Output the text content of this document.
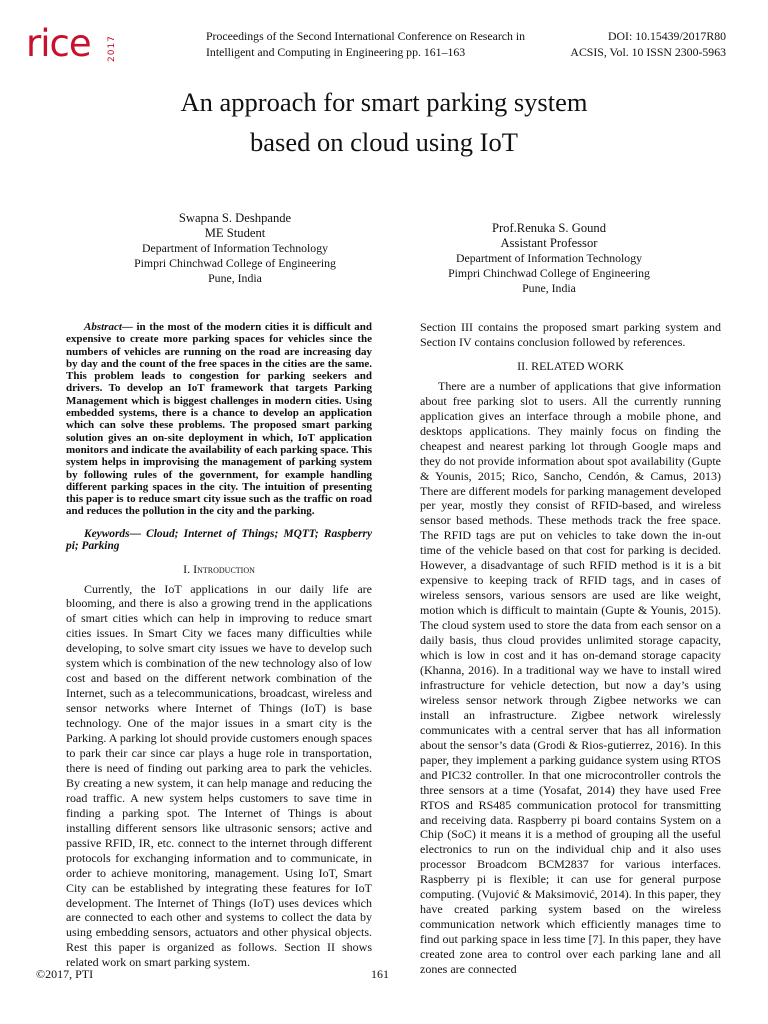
rice 2017	Proceedings of the Second International Conference on Research in	DOI: 10.15439/2017R80
Intelligent and Computing in Engineering pp. 161–163	ACSIS, Vol. 10 ISSN 2300-5963
An approach for smart parking system
based on cloud using IoT
Swapna S. Deshpande
ME Student
Department of Information Technology
Pimpri Chinchwad College of Engineering
Pune, India
Prof.Renuka S. Gound
Assistant Professor
Department of Information Technology
Pimpri Chinchwad College of Engineering
Pune, India

Abstract— in the most of the modern cities it is difficult and expensive to create more parking spaces for vehicles since the numbers of vehicles are running on the road are increasing day by day and the count of the free spaces in the cities are the same. This problem leads to congestion for parking seekers and drivers. To develop an IoT framework that targets Parking Management which is biggest challenges in modern cities. Using embedded systems, there is a chance to develop an application which can solve these problems. The proposed smart parking solution gives an on-site deployment in which, IoT application monitors and indicate the availability of each parking space. This system helps in improvising the management of parking system by following rules of the government, for example handling different parking spaces in the city. The intuition of presenting this paper is to reduce smart city issue such as the traffic on road and reduces the pollution in the city and the parking.

Keywords— Cloud; Internet of Things; MQTT; Raspberry pi; Parking

I. Introduction

Currently, the IoT applications in our daily life are blooming, and there is also a growing trend in the applications of smart cities which can help in improving to reduce smart cities issues. In Smart City we faces many difficulties while developing, to solve smart city issues we have to develop such system which is combination of the new technology also of low cost and based on the different network combination of the Internet, such as a telecommunications, broadcast, wireless and sensor networks where Internet of Things (IoT) is base technology. One of the major issues in a smart city is the Parking. A parking lot should provide customers enough spaces to park their car since car plays a huge role in transportation, there is need of finding out parking area to park the vehicles. By creating a new system, it can help manage and reducing the road traffic. A new system helps customers to save time in finding a parking spot. The Internet of Things is about installing different sensors like ultrasonic sensors; active and passive RFID, IR, etc. connect to the internet through different protocols for exchanging information and to communicate, in order to achieve monitoring, management. Using IoT, Smart City can be established by integrating these features for IoT development. The Internet of Things (IoT) uses devices which are connected to each other and systems to collect the data by using embedding sensors, actuators and other physical objects. Rest this paper is organized as follows. Section II shows related work on smart parking system.

Section III contains the proposed smart parking system and Section IV contains conclusion followed by references.

II. RELATED WORK

There are a number of applications that give information about free parking slot to users. All the currently running application gives an interface through a mobile phone, and desktops applications. They mainly focus on finding the cheapest and nearest parking lot through Google maps and they do not provide information about spot availability (Gupte & Younis, 2015; Rico, Sancho, Cendón, & Camus, 2013) There are different models for parking management developed per year, mostly they consist of RFID-based, and wireless sensor based methods. These methods track the free space. The RFID tags are put on vehicles to take down the in-out time of the vehicle based on that cost for parking is decided. However, a disadvantage of such RFID method is it is a bit expensive to keeping track of RFID tags, and in cases of wireless sensors, various sensors are used are like weight, motion which is difficult to maintain (Gupte & Younis, 2015). The cloud system used to store the data from each sensor on a daily basis, thus cloud provides unlimited storage capacity, which is low in cost and it has on-demand storage capacity (Khanna, 2016). In a traditional way we have to install wired infrastructure for vehicle detection, but now a day’s using wireless sensor network through Zigbee networks we can install an infrastructure. Zigbee network wirelessly communicates with a central server that has all information about the sensor’s data (Grodi & Rios-gutierrez, 2016). In this paper, they implement a parking guidance system using RTOS and PIC32 controller. In that one microcontroller controls the three sensors at a time (Yosafat, 2014) they have used Free RTOS and RS485 communication protocol for transmitting and receiving data. Raspberry pi board contains System on a Chip (SoC) it means it is a method of grouping all the useful electronics to run on the individual chip and it also uses processor Broadcom BCM2837 for various interfaces. Raspberry pi is flexible; it can use for general purpose computing. (Vujović & Maksimović, 2014). In this paper, they have created parking system based on the wireless communication network which efficiently manages time to find out parking space in less time [7]. In this paper, they have created zone area to control over each parking lane and all zones are connected

©2017, PTI	161
